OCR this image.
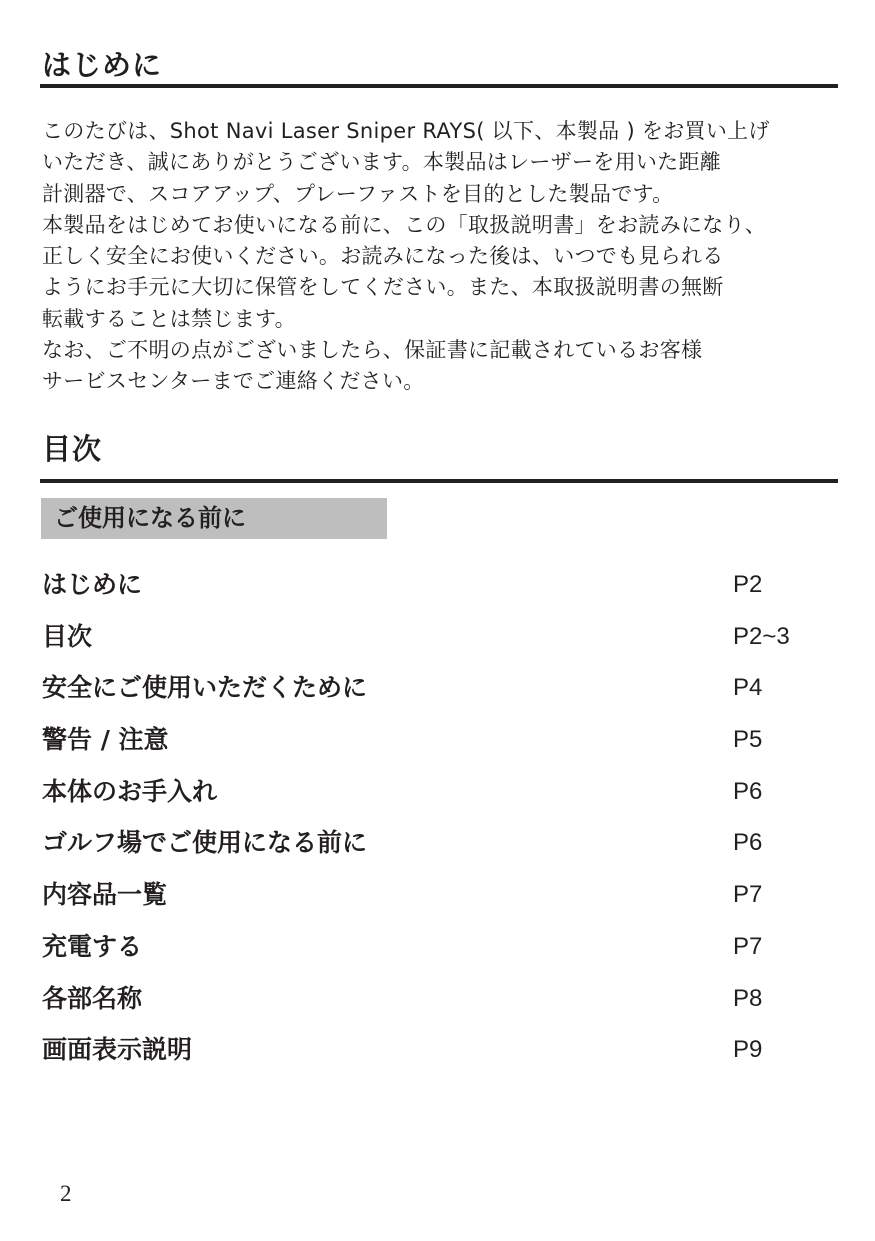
はじめに

このたびは、Shot Navi Laser Sniper RAYS( 以下、本製品 ) をお買い上げ
いただき、誠にありがとうございます。本製品はレーザーを用いた距離
計測器で、スコアアップ、プレーファストを目的とした製品です。

本製品をはじめてお使いになる前に、この「取扱説明書」をお読みになり、
正しく安全にお使いください。お読みになった後は、いつでも見られる
ようにお手元に大切に保管をしてください。また、本取扱説明書の無断
転載することは禁じます。

なお、ご不明の点がございましたら、保証書に記載されているお客様
サービスセンターまでご連絡ください。

目次
ご使用になる前に
はじめに	P2
目次	P2~3
安全にご使用いただくために	P4
警告 / 注意	P5
本体のお手入れ	P6
ゴルフ場でご使用になる前に	P6
内容品一覧	P7
充電する	P7
各部名称	P8
画面表示説明	P9
2
